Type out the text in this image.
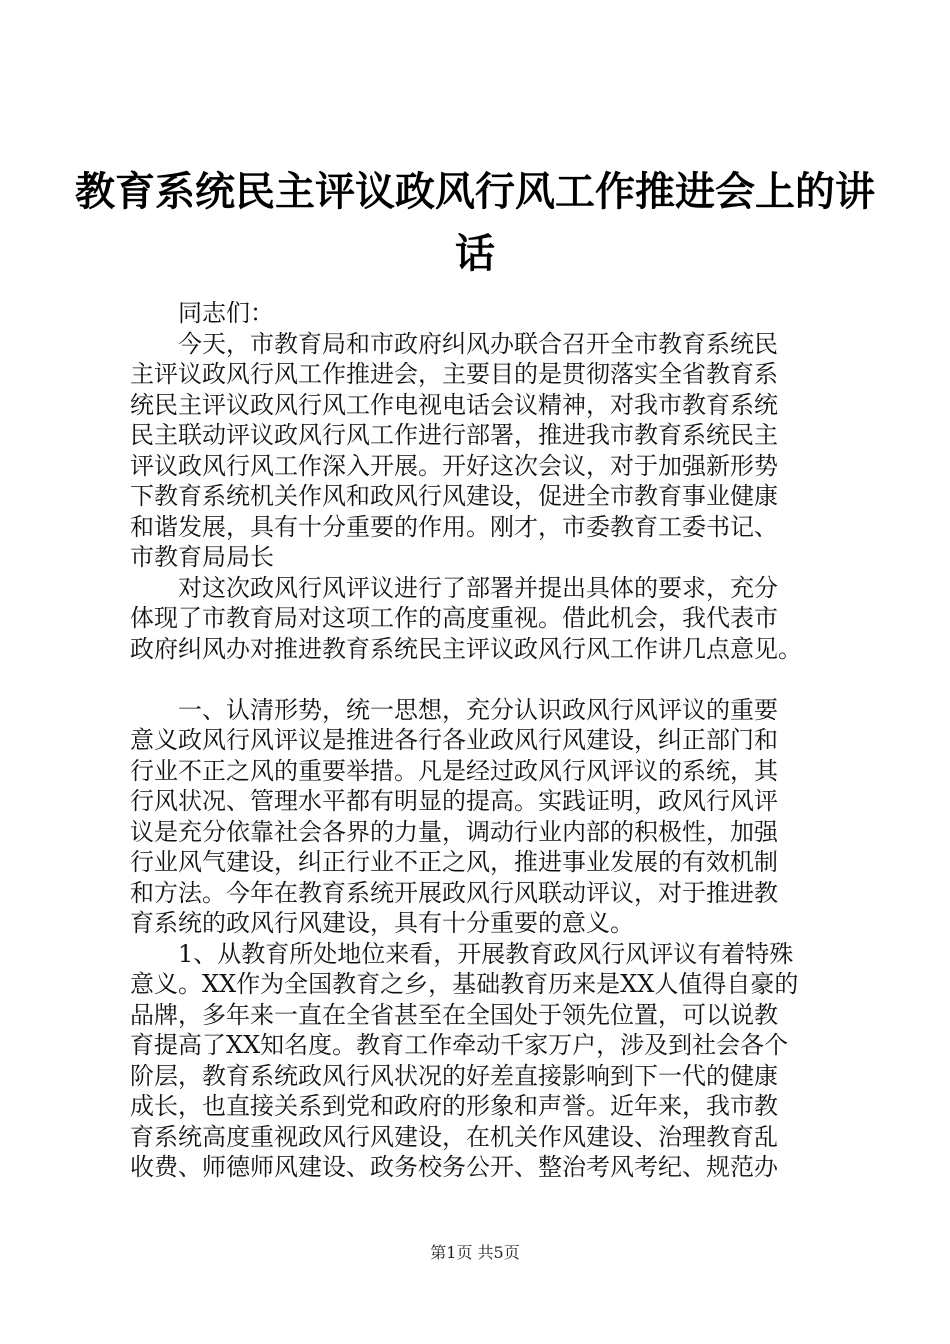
教育系统民主评议政风行风工作推进会上的讲
话
　　同志们：
　　今天，市教育局和市政府纠风办联合召开全市教育系统民
主评议政风行风工作推进会，主要目的是贯彻落实全省教育系
统民主评议政风行风工作电视电话会议精神，对我市教育系统
民主联动评议政风行风工作进行部署，推进我市教育系统民主
评议政风行风工作深入开展。开好这次会议，对于加强新形势
下教育系统机关作风和政风行风建设，促进全市教育事业健康
和谐发展，具有十分重要的作用。刚才，市委教育工委书记、
市教育局局长
　　对这次政风行风评议进行了部署并提出具体的要求，充分
体现了市教育局对这项工作的高度重视。借此机会，我代表市
政府纠风办对推进教育系统民主评议政风行风工作讲几点意见。
　　一、认清形势，统一思想，充分认识政风行风评议的重要
意义政风行风评议是推进各行各业政风行风建设，纠正部门和
行业不正之风的重要举措。凡是经过政风行风评议的系统，其
行风状况、管理水平都有明显的提高。实践证明，政风行风评
议是充分依靠社会各界的力量，调动行业内部的积极性，加强
行业风气建设，纠正行业不正之风，推进事业发展的有效机制
和方法。今年在教育系统开展政风行风联动评议，对于推进教
育系统的政风行风建设，具有十分重要的意义。
　　1、从教育所处地位来看，开展教育政风行风评议有着特殊
意义。XX作为全国教育之乡，基础教育历来是XX人值得自豪的
品牌，多年来一直在全省甚至在全国处于领先位置，可以说教
育提高了XX知名度。教育工作牵动千家万户，涉及到社会各个
阶层，教育系统政风行风状况的好差直接影响到下一代的健康
成长，也直接关系到党和政府的形象和声誉。近年来，我市教
育系统高度重视政风行风建设，在机关作风建设、治理教育乱
收费、师德师风建设、政务校务公开、整治考风考纪、规范办
第1页 共5页
